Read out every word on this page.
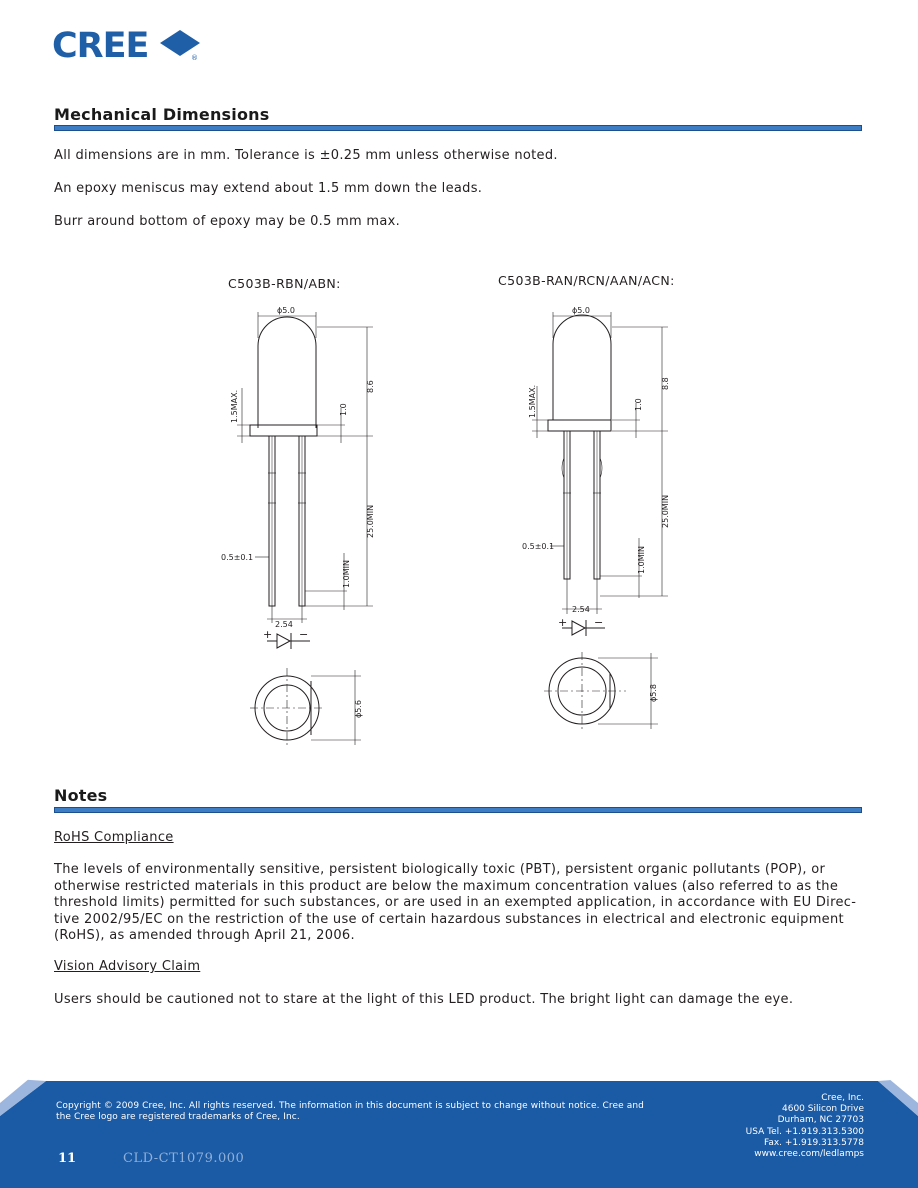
CREE	®
Mechanical Dimensions

All dimensions are in mm. Tolerance is ±0.25 mm unless otherwise noted.

An epoxy meniscus may extend about 1.5 mm down the leads.

Burr around bottom of epoxy may be 0.5 mm max.

C503B-RBN/ABN:	C503B-RAN/RCN/AAN/ACN:
ϕ5.0
8.6
1.5MAX.	1.0
25.0MIN
0.5±0.1
1.0MIN
2.54
+ −
ϕ5.6
ϕ5.0
8.8
1.5MAX.	1.0
25.0MIN
0.5±0.1	1.0MIN
2.54
+ −
ϕ5.8
Notes

RoHS Compliance

The levels of environmentally sensitive, persistent biologically toxic (PBT), persistent organic pollutants (POP), or
otherwise restricted materials in this product are below the maximum concentration values (also referred to as the
threshold limits) permitted for such substances, or are used in an exempted application, in accordance with EU Direc-
tive 2002/95/EC on the restriction of the use of certain hazardous substances in electrical and electronic equipment
(RoHS), as amended through April 21, 2006.

Vision Advisory Claim

Users should be cautioned not to stare at the light of this LED product. The bright light can damage the eye.

Copyright © 2009 Cree, Inc. All rights reserved. The information in this document is subject to change without notice. Cree and
the Cree logo are registered trademarks of Cree, Inc.
Cree, Inc.
4600 Silicon Drive
Durham, NC 27703
USA Tel. +1.919.313.5300
Fax. +1.919.313.5778
www.cree.com/ledlamps
11	CLD-CT1079.000
